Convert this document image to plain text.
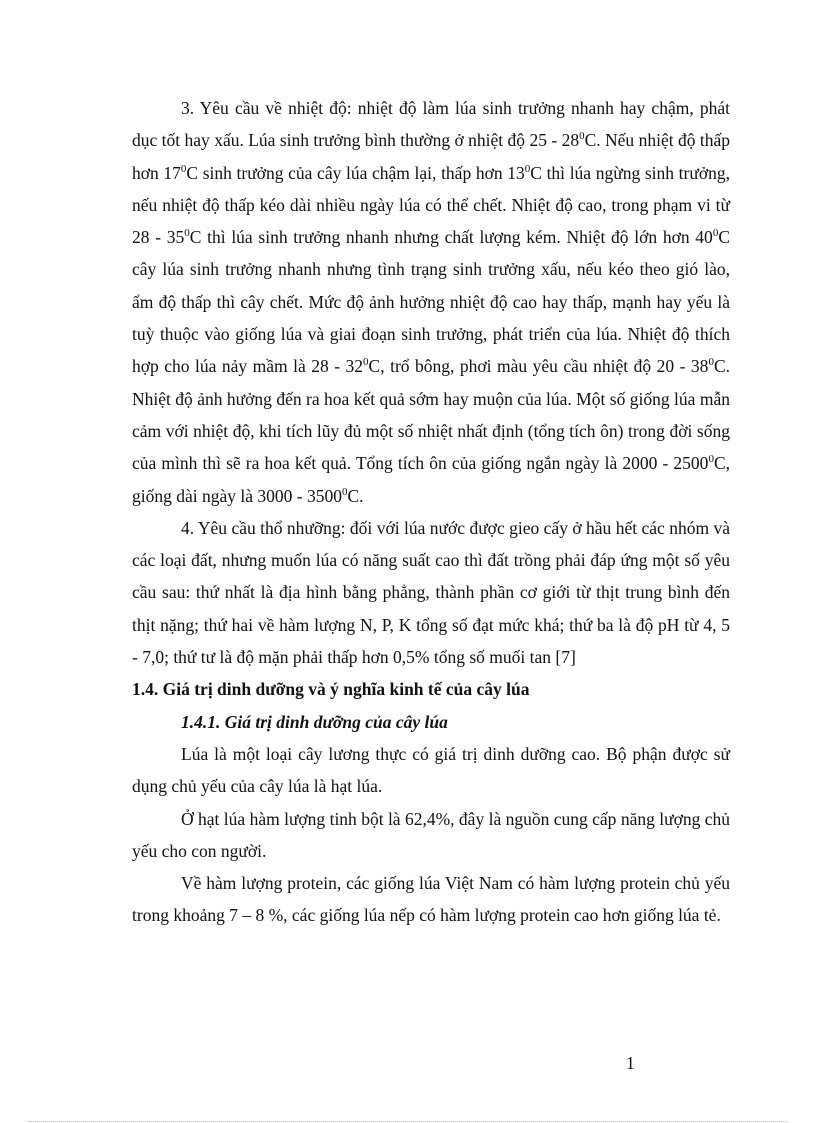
3. Yêu cầu về nhiệt độ: nhiệt độ làm lúa sinh trưởng nhanh hay chậm, phát dục tốt hay xấu. Lúa sinh trưởng bình thường ở nhiệt độ $25 - 28^0C$. Nếu nhiệt độ thấp hơn $17^0C$ sinh trưởng của cây lúa chậm lại, thấp hơn $13^0C$ thì lúa ngừng sinh trưởng, nếu nhiệt độ thấp kéo dài nhiều ngày lúa có thể chết. Nhiệt độ cao, trong phạm vi từ $28 - 35^0C$ thì lúa sinh trưởng nhanh nhưng chất lượng kém. Nhiệt độ lớn hơn $40^0C$ cây lúa sinh trưởng nhanh nhưng tình trạng sinh trưởng xấu, nếu kéo theo gió lào, ẩm độ thấp thì cây chết. Mức độ ảnh hưởng nhiệt độ cao hay thấp, mạnh hay yếu là tuỳ thuộc vào giống lúa và giai đoạn sinh trưởng, phát triển của lúa. Nhiệt độ thích hợp cho lúa nảy mầm là $28 - 32^0C$, trổ bông, phơi màu yêu cầu nhiệt độ $20 - 38^0C$. Nhiệt độ ảnh hưởng đến ra hoa kết quả sớm hay muộn của lúa. Một số giống lúa mẫn cảm với nhiệt độ, khi tích lũy đủ một số nhiệt nhất định (tổng tích ôn) trong đời sống của mình thì sẽ ra hoa kết quả. Tổng tích ôn của giống ngắn ngày là 2000 - 2500$^0$C, giống dài ngày là 3000 - 3500$^0$C.

4. Yêu cầu thổ nhưỡng: đối với lúa nước được gieo cấy ở hầu hết các nhóm và các loại đất, nhưng muốn lúa có năng suất cao thì đất trồng phải đáp ứng một số yêu cầu sau: thứ nhất là địa hình bằng phẳng, thành phần cơ giới từ thịt trung bình đến thịt nặng; thứ hai về hàm lượng N, P, K tổng số đạt mức khá; thứ ba là độ pH từ 4, 5 - 7,0; thứ tư là độ mặn phải thấp hơn 0,5% tổng số muối tan [7]

1.4. Giá trị dinh dưỡng và ý nghĩa kinh tế của cây lúa

1.4.1. Giá trị dinh dưỡng của cây lúa

Lúa là một loại cây lương thực có giá trị dinh dưỡng cao. Bộ phận được sử dụng chủ yếu của cây lúa là hạt lúa.

Ở hạt lúa hàm lượng tinh bột là 62,4%, đây là nguồn cung cấp năng lượng chủ yếu cho con người.

Về hàm lượng protein, các giống lúa Việt Nam có hàm lượng protein chủ yếu trong khoảng 7 – 8 %, các giống lúa nếp có hàm lượng protein cao hơn giống lúa tẻ.

1
